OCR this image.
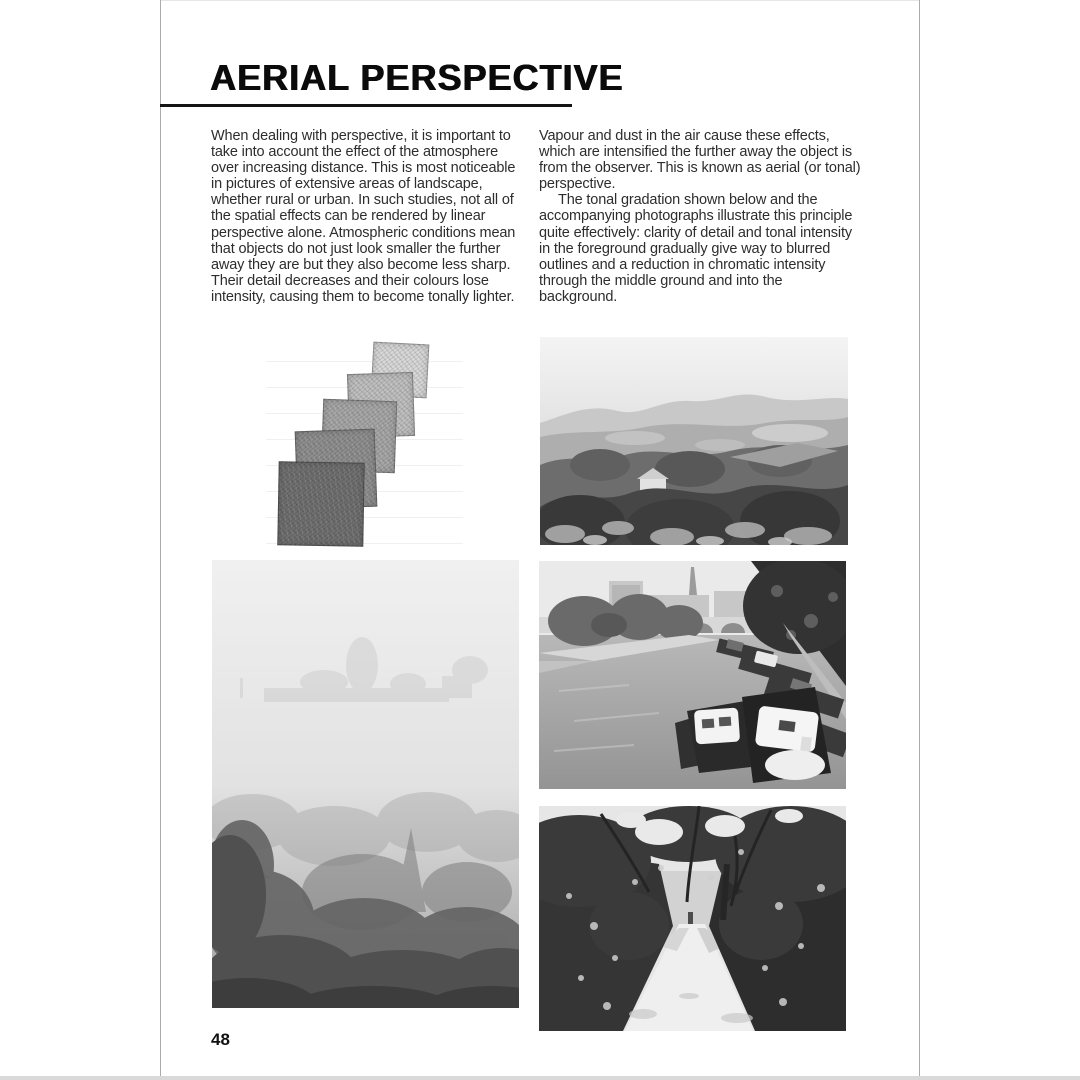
AERIAL PERSPECTIVE

When dealing with perspective, it is important to take into account the effect of the atmosphere over increasing distance. This is most noticeable in pictures of extensive areas of landscape, whether rural or urban. In such studies, not all of the spatial effects can be rendered by linear perspective alone. Atmospheric conditions mean that objects do not just look smaller the further away they are but they also become less sharp. Their detail decreases and their colours lose intensity, causing them to become tonally lighter.

Vapour and dust in the air cause these effects, which are intensified the further away the object is from the observer. This is known as aerial (or tonal) perspective.

The tonal gradation shown below and the accompanying photographs illustrate this principle quite effectively: clarity of detail and tonal intensity in the foreground gradually give way to blurred outlines and a reduction in chromatic intensity through the middle ground and into the background.

48
